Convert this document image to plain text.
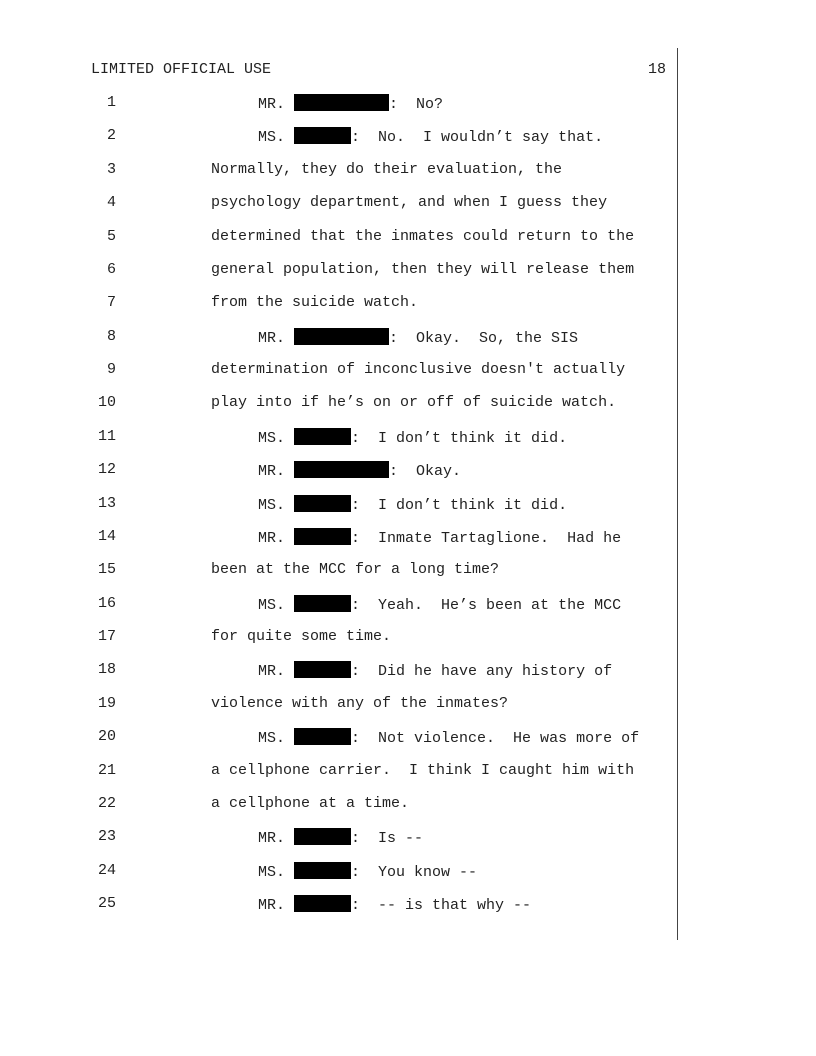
LIMITED OFFICIAL USE	18
1	MR.	:  No?
2	MS.	:  No.  I wouldn’t say that.
3	Normally, they do their evaluation, the
4	psychology department, and when I guess they
5	determined that the inmates could return to the
6	general population, then they will release them
7	from the suicide watch.
8	MR.	:  Okay.  So, the SIS
9	determination of inconclusive doesn't actually
10	play into if he’s on or off of suicide watch.
11	MS.	:  I don’t think it did.
12	MR.	:  Okay.
13	MS.	:  I don’t think it did.
14	MR.	:  Inmate Tartaglione.  Had he
15	been at the MCC for a long time?
16	MS.	:  Yeah.  He’s been at the MCC
17	for quite some time.
18	MR.	:  Did he have any history of
19	violence with any of the inmates?
20	MS.	:  Not violence.  He was more of
21	a cellphone carrier.  I think I caught him with
22	a cellphone at a time.
23	MR.	:  Is --
24	MS.	:  You know --
25	MR.	:  -- is that why --
